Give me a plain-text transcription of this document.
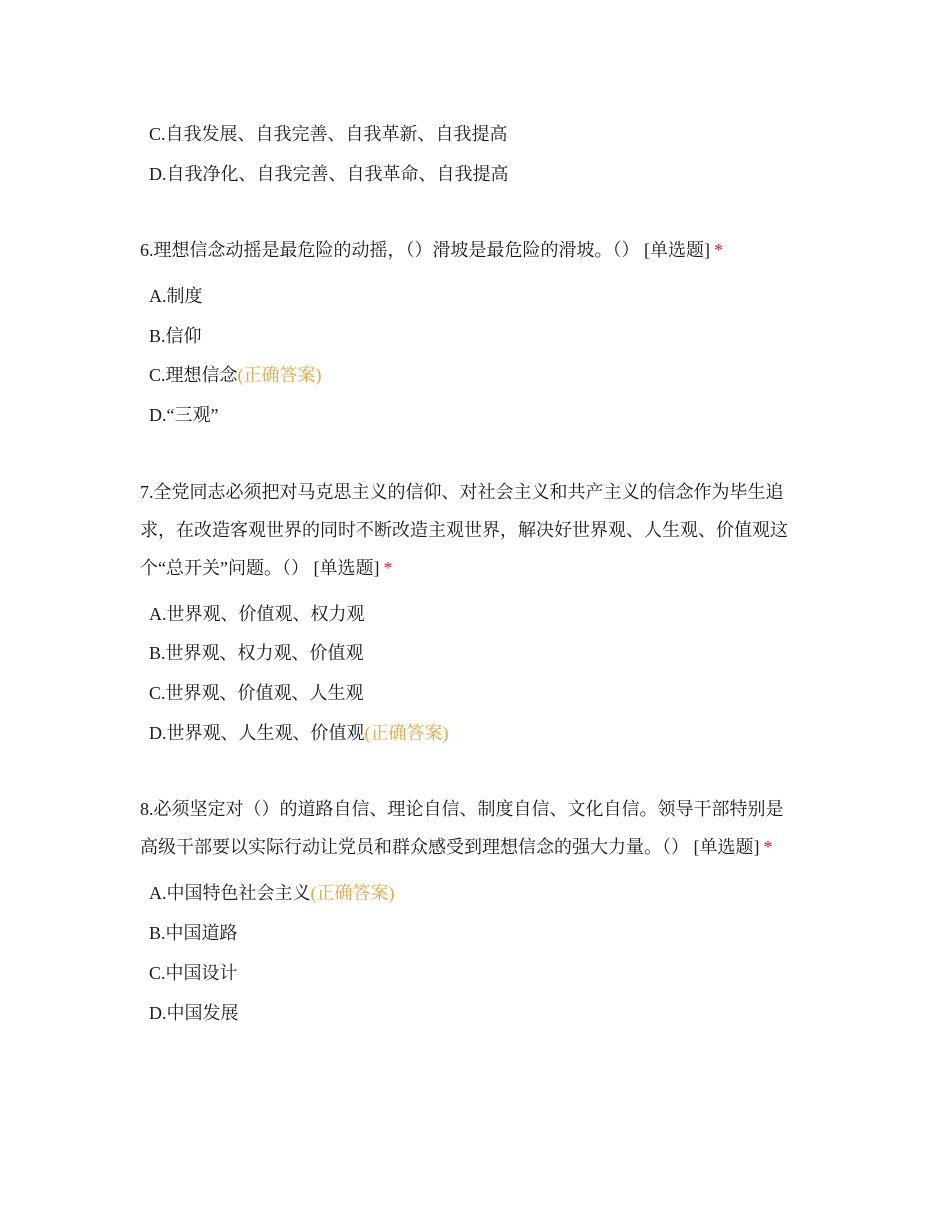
C.自我发展、自我完善、自我革新、自我提高
D.自我净化、自我完善、自我革命、自我提高
6.理想信念动摇是最危险的动摇，（）滑坡是最危险的滑坡。（） [单选题] *
A.制度
B.信仰
C.理想信念(正确答案)
D.“三观”
7.全党同志必须把对马克思主义的信仰、对社会主义和共产主义的信念作为毕生追
求，在改造客观世界的同时不断改造主观世界，解决好世界观、人生观、价值观这
个“总开关”问题。（） [单选题] *
A.世界观、价值观、权力观
B.世界观、权力观、价值观
C.世界观、价值观、人生观
D.世界观、人生观、价值观(正确答案)
8.必须坚定对（）的道路自信、理论自信、制度自信、文化自信。领导干部特别是
高级干部要以实际行动让党员和群众感受到理想信念的强大力量。（） [单选题] *
A.中国特色社会主义(正确答案)
B.中国道路
C.中国设计
D.中国发展
